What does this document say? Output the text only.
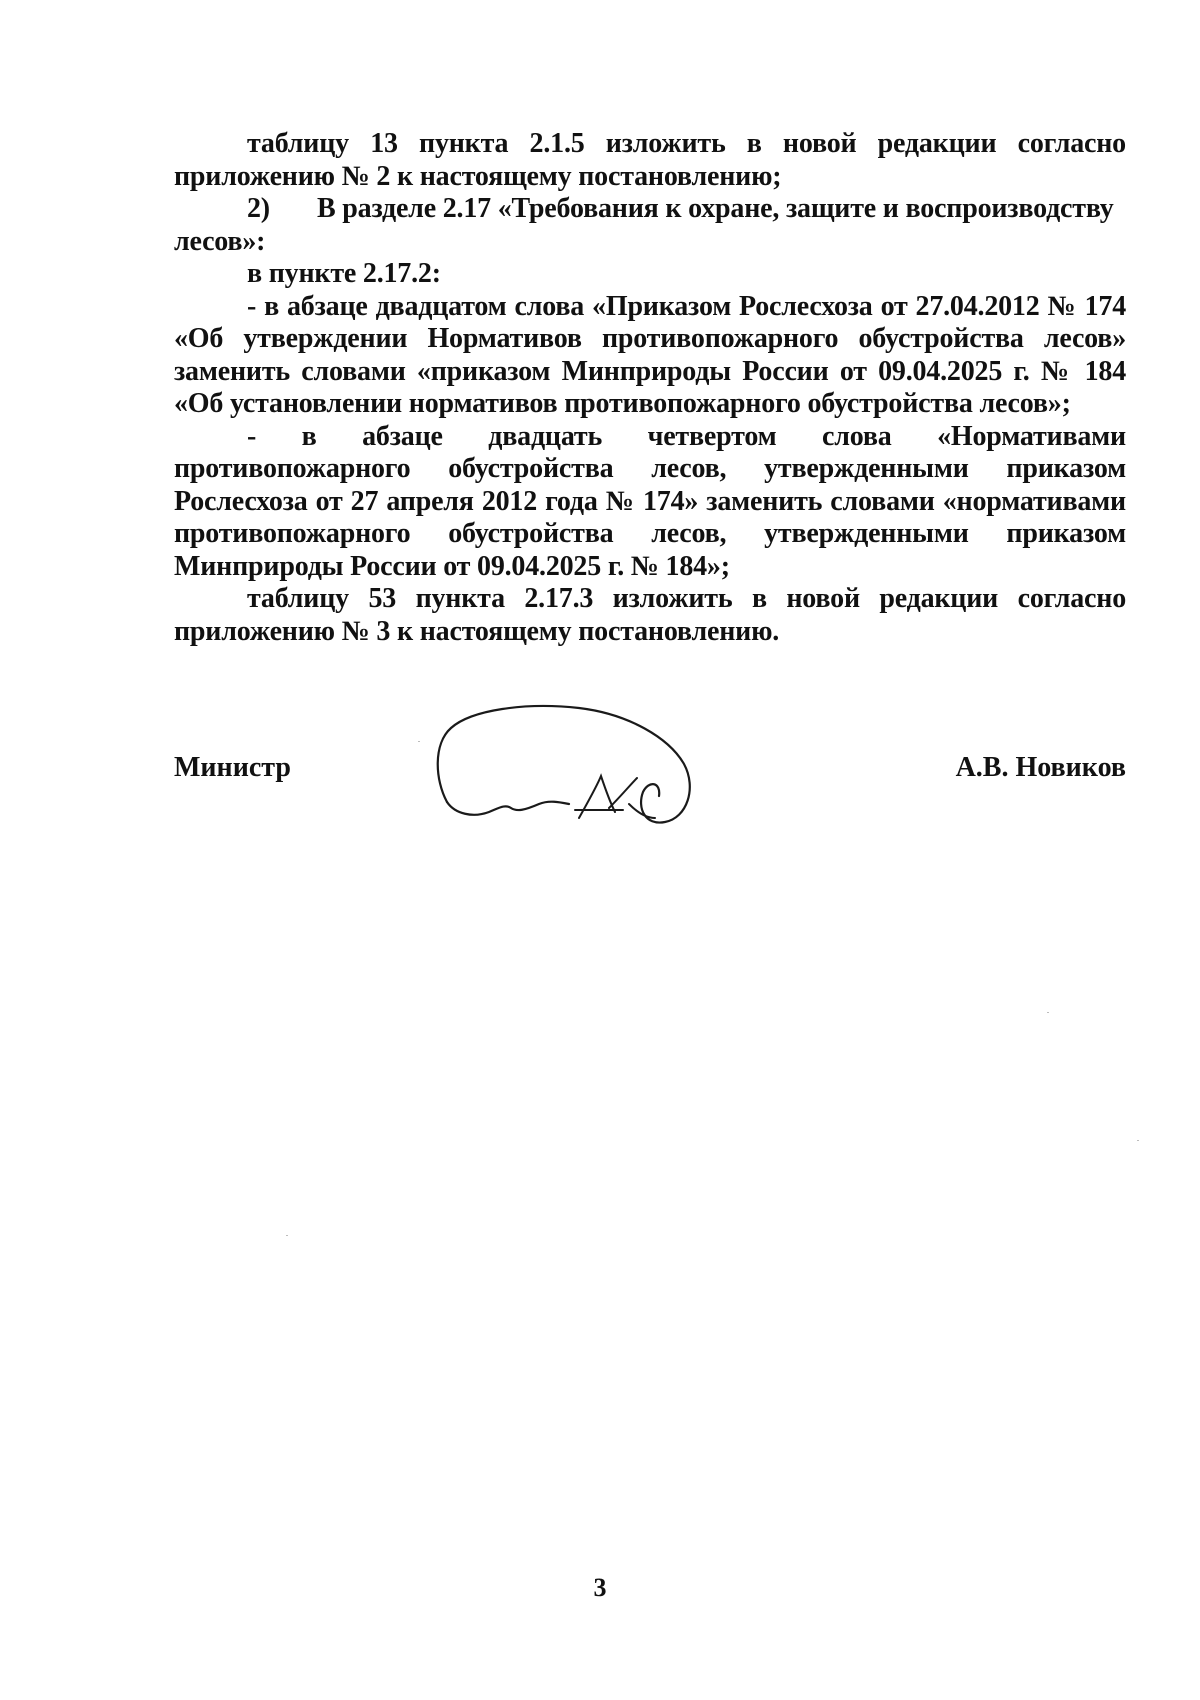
таблицу 13 пункта 2.1.5 изложить в новой редакции согласно приложению № 2 к настоящему постановлению;

2)	В разделе 2.17 «Требования к охране, защите и воспроизводству

лесов»:

в пункте 2.17.2:

- в абзаце двадцатом слова «Приказом Рослесхоза от 27.04.2012 № 174 «Об утверждении Нормативов противопожарного обустройства лесов» заменить словами «приказом Минприроды России от 09.04.2025 г. № 184 «Об установлении нормативов противопожарного обустройства лесов»;

- в абзаце двадцать четвертом слова «Нормативами противопожарного обустройства лесов, утвержденными приказом Рослесхоза от 27 апреля 2012 года № 174» заменить словами «нормативами противопожарного обустройства лесов, утвержденными приказом Минприроды России от 09.04.2025 г. № 184»;

таблицу 53 пункта 2.17.3 изложить в новой редакции согласно приложению № 3 к настоящему постановлению.

Министр	А.В. Новиков
3
